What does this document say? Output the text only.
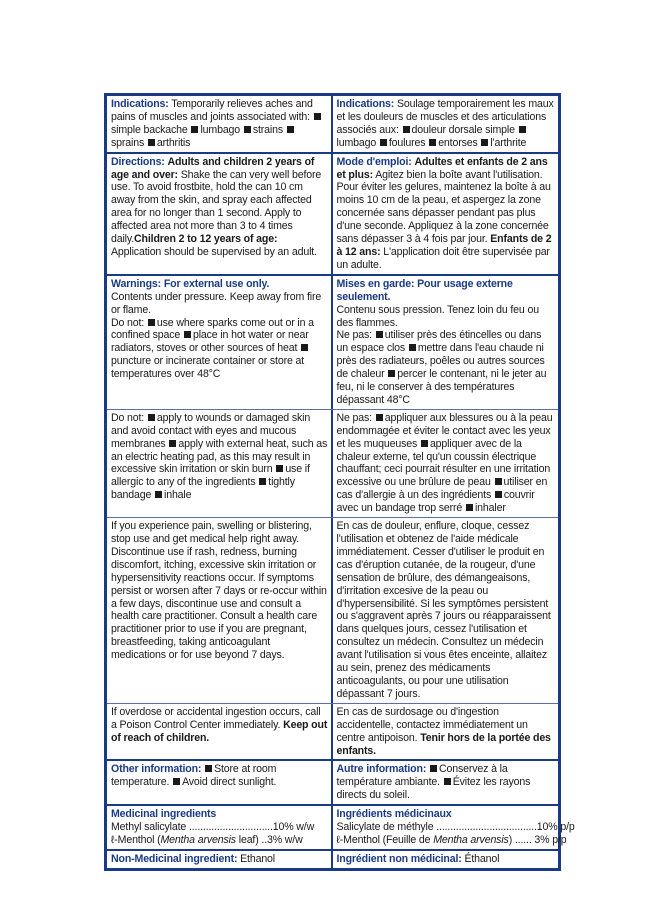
Indications: Temporarily relieves aches and pains of muscles and joints associated with: simple backache lumbago strains sprains arthritis
Indications: Soulage temporairement les maux et les douleurs de muscles et des articulations associés aux: douleur dorsale simple lumbago foulures entorses l'arthrite
Directions: Adults and children 2 years of age and over: Shake the can very well before use. To avoid frostbite, hold the can 10 cm away from the skin, and spray each affected area for no longer than 1 second. Apply to affected area not more than 3 to 4 times daily.Children 2 to 12 years of age: Application should be supervised by an adult.
Mode d'emploi: Adultes et enfants de 2 ans et plus: Agitez bien la boîte avant l'utilisation. Pour éviter les gelures, maintenez la boîte à au moins 10 cm de la peau, et aspergez la zone concernée sans dépasser pendant pas plus d'une seconde. Appliquez à la zone concernée sans dépasser 3 à 4 fois par jour. Enfants de 2 à 12 ans: L'application doit être supervisée par un adulte.
Warnings: For external use only.
Contents under pressure. Keep away from fire or flame.
Do not: use where sparks come out or in a confined space place in hot water or near radiators, stoves or other sources of heat puncture or incinerate container or store at temperatures over 48°C
Mises en garde: Pour usage externe seulement.
Contenu sous pression. Tenez loin du feu ou des flammes.
Ne pas: utiliser près des étincelles ou dans un espace clos mettre dans l'eau chaude ni près des radiateurs, poêles ou autres sources de chaleur percer le contenant, ni le jeter au feu, ni le conserver à des températures dépassant 48°C
Do not: apply to wounds or damaged skin and avoid contact with eyes and mucous membranes apply with external heat, such as an electric heating pad, as this may result in excessive skin irritation or skin burn use if allergic to any of the ingredients tightly bandage inhale
Ne pas: appliquer aux blessures ou à la peau endommagée et éviter le contact avec les yeux et les muqueuses appliquer avec de la chaleur externe, tel qu'un coussin électrique chauffant; ceci pourrait résulter en une irritation excessive ou une brûlure de peau utiliser en cas d'allergie à un des ingrédients couvrir avec un bandage trop serré inhaler
If you experience pain, swelling or blistering, stop use and get medical help right away. Discontinue use if rash, redness, burning discomfort, itching, excessive skin irritation or hypersensitivity reactions occur. If symptoms persist or worsen after 7 days or re-occur within a few days, discontinue use and consult a health care practitioner. Consult a health care practitioner prior to use if you are pregnant, breastfeeding, taking anticoagulant medications or for use beyond 7 days.
En cas de douleur, enflure, cloque, cessez l'utilisation et obtenez de l'aide médicale immédiatement. Cesser d'utiliser le produit en cas d'éruption cutanée, de la rougeur, d'une sensation de brûlure, des démangeaisons, d'irritation excesive de la peau ou d'hypersensibilité. Si les symptômes persistent ou s'aggravent après 7 jours ou réapparaissent dans quelques jours, cessez l'utilisation et consultez un médecin. Consultez un médecin avant l'utilisation si vous êtes enceinte, allaitez au sein, prenez des médicaments anticoagulants, ou pour une utilisation dépassant 7 jours.
If overdose or accidental ingestion occurs, call a Poison Control Center immediately. Keep out of reach of children.
En cas de surdosage ou d'ingestion accidentelle, contactez immédiatement un centre antipoison. Tenir hors de la portée des enfants.
Other information: Store at room temperature. Avoid direct sunlight.
Autre information: Conservez à la température ambiante. Évitez les rayons directs du soleil.
Medicinal ingredients
Methyl salicylate ..............................10% w/w
ℓ-Menthol (Mentha arvensis leaf) ..3% w/w
Ingrédients médicinaux
Salicylate de méthyle ....................................10% p/p
ℓ-Menthol (Feuille de Mentha arvensis) ...... 3% p/p
Non-Medicinal ingredient: Ethanol	Ingrédient non médicinal: Éthanol
